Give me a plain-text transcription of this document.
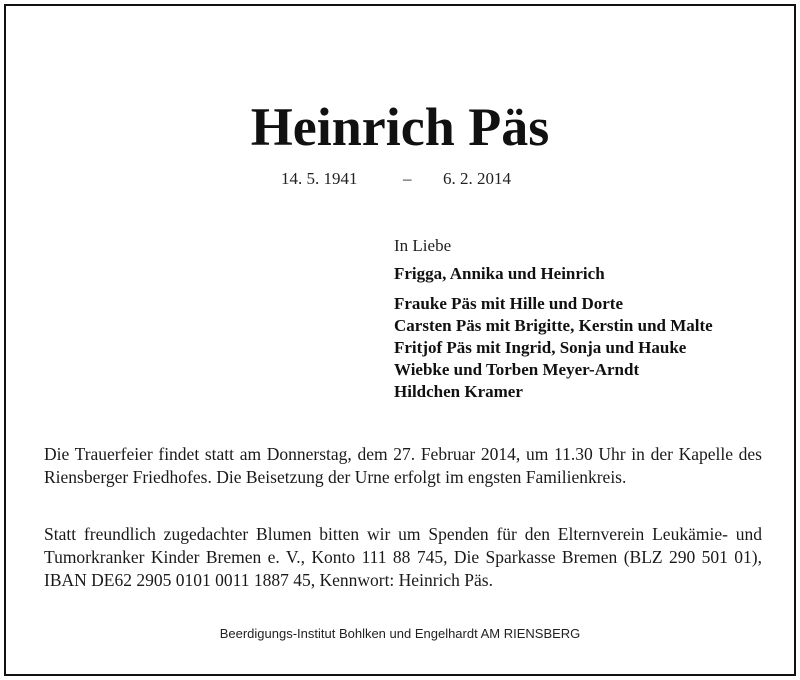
Heinrich Päs
14. 5. 1941	– 6. 2. 2014

In Liebe

Frigga, Annika und Heinrich

Frauke Päs mit Hille und Dorte

Carsten Päs mit Brigitte, Kerstin und Malte

Fritjof Päs mit Ingrid, Sonja und Hauke

Wiebke und Torben Meyer-Arndt

Hildchen Kramer

Die Trauerfeier findet statt am Donnerstag, dem 27. Februar 2014, um 11.30 Uhr in der Kapelle des Riensberger Friedhofes. Die Beisetzung der Urne erfolgt im engsten Familienkreis.

Statt freundlich zugedachter Blumen bitten wir um Spenden für den Elternverein Leukämie- und Tumorkranker Kinder Bremen e. V., Konto 111 88 745, Die Sparkasse Bremen (BLZ 290 501 01), IBAN DE62 2905 0101 0011 1887 45, Kennwort: Heinrich Päs.

Beerdigungs-Institut Bohlken und Engelhardt AM RIENSBERG
